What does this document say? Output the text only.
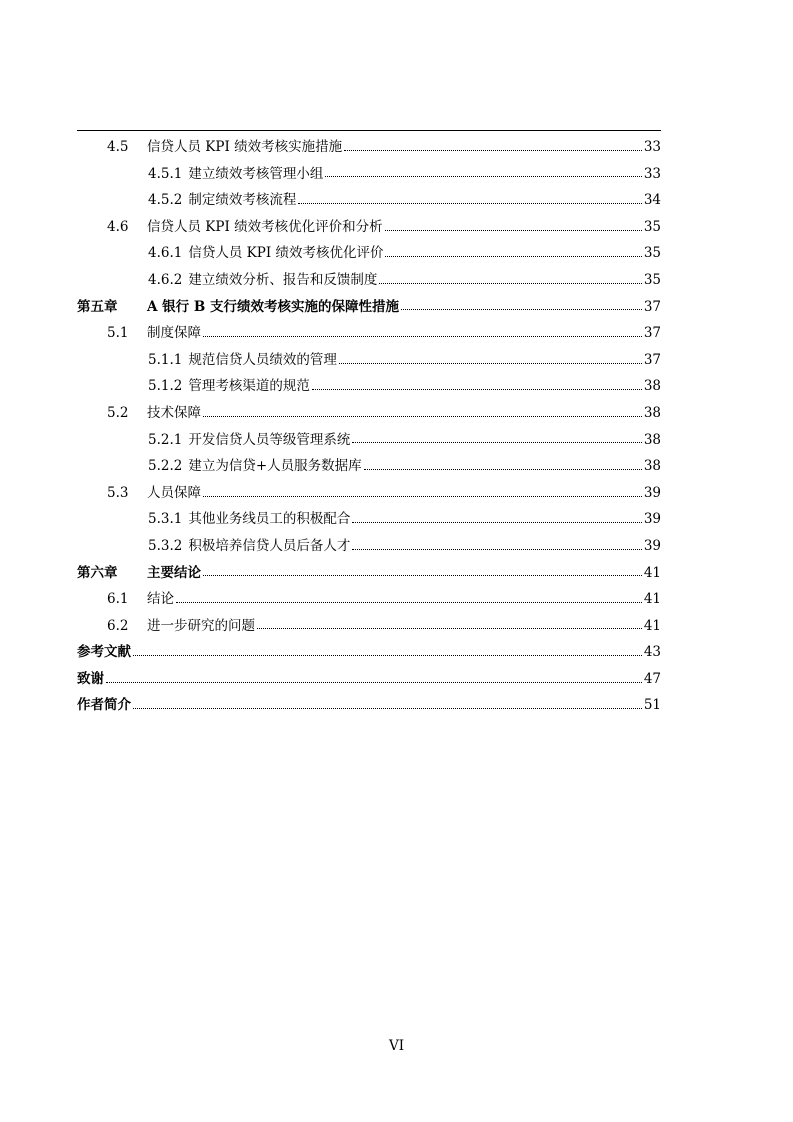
4.5	信贷人员 KPI 绩效考核实施措施	33
4.5.1 建立绩效考核管理小组	33
4.5.2 制定绩效考核流程	34
4.6	信贷人员 KPI 绩效考核优化评价和分析	35
4.6.1 信贷人员 KPI 绩效考核优化评价	35
4.6.2 建立绩效分析、报告和反馈制度	35
第五章	A 银行 B 支行绩效考核实施的保障性措施	37
5.1	制度保障	37
5.1.1 规范信贷人员绩效的管理	37
5.1.2 管理考核渠道的规范	38
5.2	技术保障	38
5.2.1 开发信贷人员等级管理系统	38
5.2.2 建立为信贷+人员服务数据库	38
5.3	人员保障	39
5.3.1 其他业务线员工的积极配合	39
5.3.2 积极培养信贷人员后备人才	39
第六章	主要结论	41
6.1	结论	41
6.2	进一步研究的问题	41
参考文献	43
致谢	47
作者简介	51
VI
